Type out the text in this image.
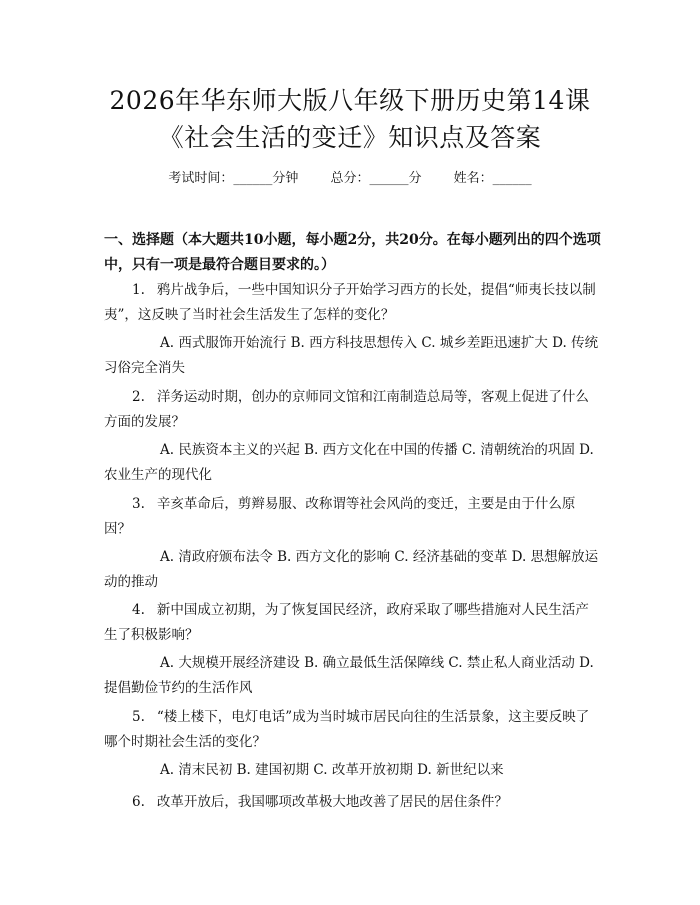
2026年华东师大版八年级下册历史第14课
《社会生活的变迁》知识点及答案
考试时间：______分钟 总分：______分 姓名：______
一、选择题（本大题共10小题，每小题2分，共20分。在每小题列出的四个选项中，只有一项是最符合题目要求的。）
1. 鸦片战争后，一些中国知识分子开始学习西方的长处，提倡“师夷长技以制夷”，这反映了当时社会生活发生了怎样的变化？
A. 西式服饰开始流行 B. 西方科技思想传入 C. 城乡差距迅速扩大 D. 传统习俗完全消失
2. 洋务运动时期，创办的京师同文馆和江南制造总局等，客观上促进了什么方面的发展？
A. 民族资本主义的兴起 B. 西方文化在中国的传播 C. 清朝统治的巩固 D. 农业生产的现代化
3. 辛亥革命后，剪辫易服、改称谓等社会风尚的变迁，主要是由于什么原因？
A. 清政府颁布法令 B. 西方文化的影响 C. 经济基础的变革 D. 思想解放运动的推动
4. 新中国成立初期，为了恢复国民经济，政府采取了哪些措施对人民生活产生了积极影响？
A. 大规模开展经济建设 B. 确立最低生活保障线 C. 禁止私人商业活动 D. 提倡勤俭节约的生活作风
5. “楼上楼下，电灯电话”成为当时城市居民向往的生活景象，这主要反映了哪个时期社会生活的变化？
A. 清末民初 B. 建国初期 C. 改革开放初期 D. 新世纪以来
6. 改革开放后，我国哪项改革极大地改善了居民的居住条件？
